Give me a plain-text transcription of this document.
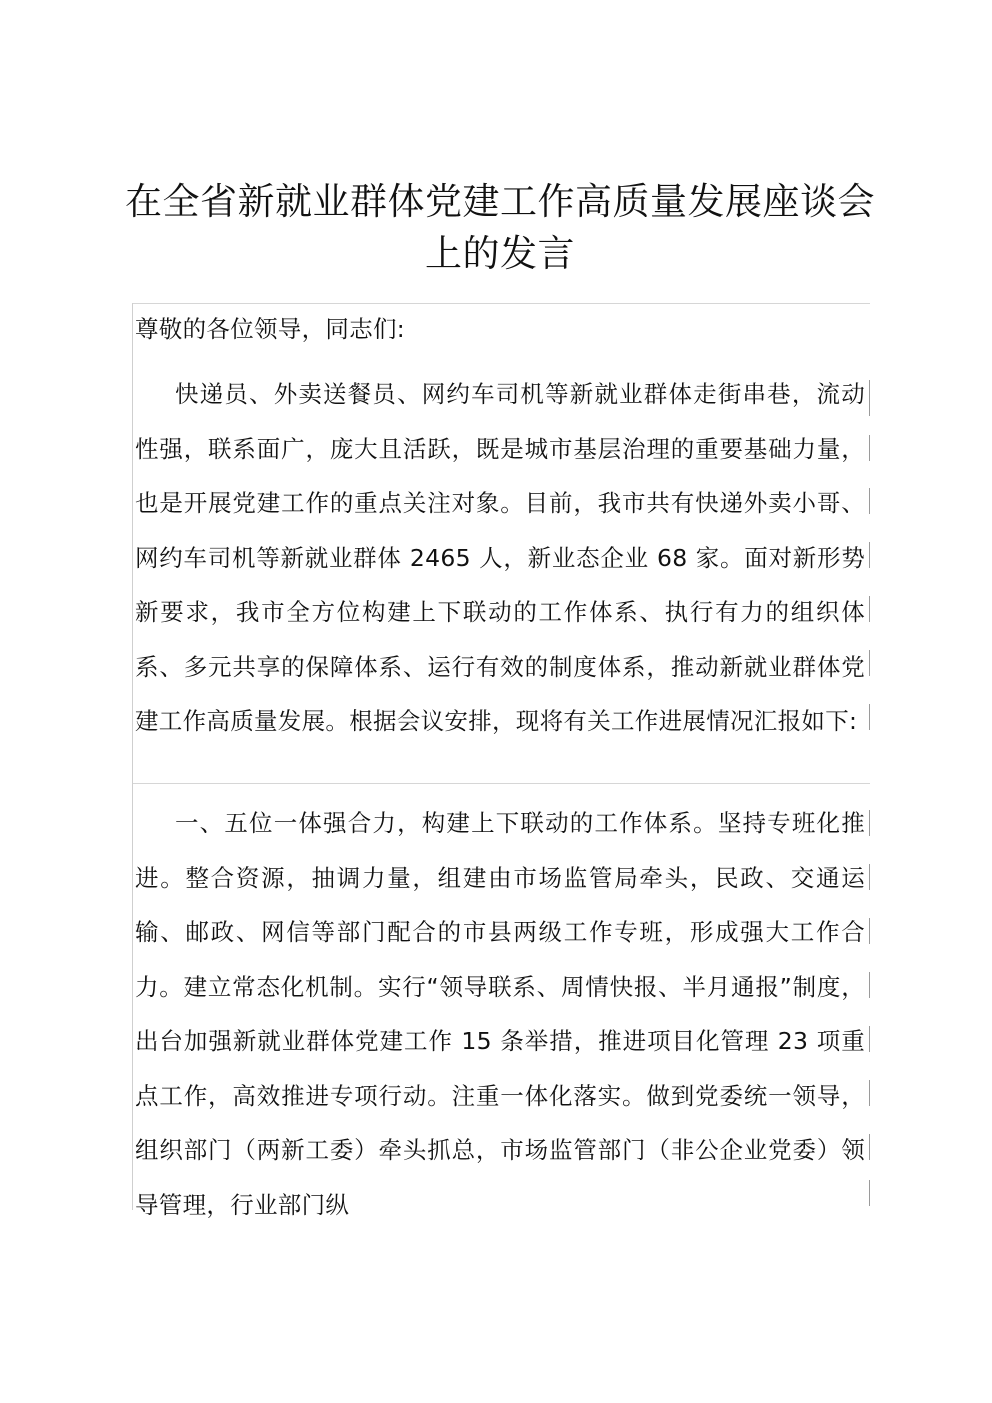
在全省新就业群体党建工作高质量发展座谈会上的发言

尊敬的各位领导，同志们:

快递员、外卖送餐员、网约车司机等新就业群体走街串巷，流动性强，联系面广，庞大且活跃，既是城市基层治理的重要基础力量，也是开展党建工作的重点关注对象。目前，我市共有快递外卖小哥、网约车司机等新就业群体 2465 人，新业态企业 68 家。面对新形势新要求，我市全方位构建上下联动的工作体系、执行有力的组织体系、多元共享的保障体系、运行有效的制度体系，推动新就业群体党建工作高质量发展。根据会议安排，现将有关工作进展情况汇报如下:

一、五位一体强合力，构建上下联动的工作体系。坚持专班化推进。整合资源，抽调力量，组建由市场监管局牵头，民政、交通运输、邮政、网信等部门配合的市县两级工作专班，形成强大工作合力。建立常态化机制。实行“领导联系、周情快报、半月通报”制度，出台加强新就业群体党建工作 15 条举措，推进项目化管理 23 项重点工作，高效推进专项行动。注重一体化落实。做到党委统一领导，组织部门（两新工委）牵头抓总，市场监管部门（非公企业党委）领导管理，行业部门纵
